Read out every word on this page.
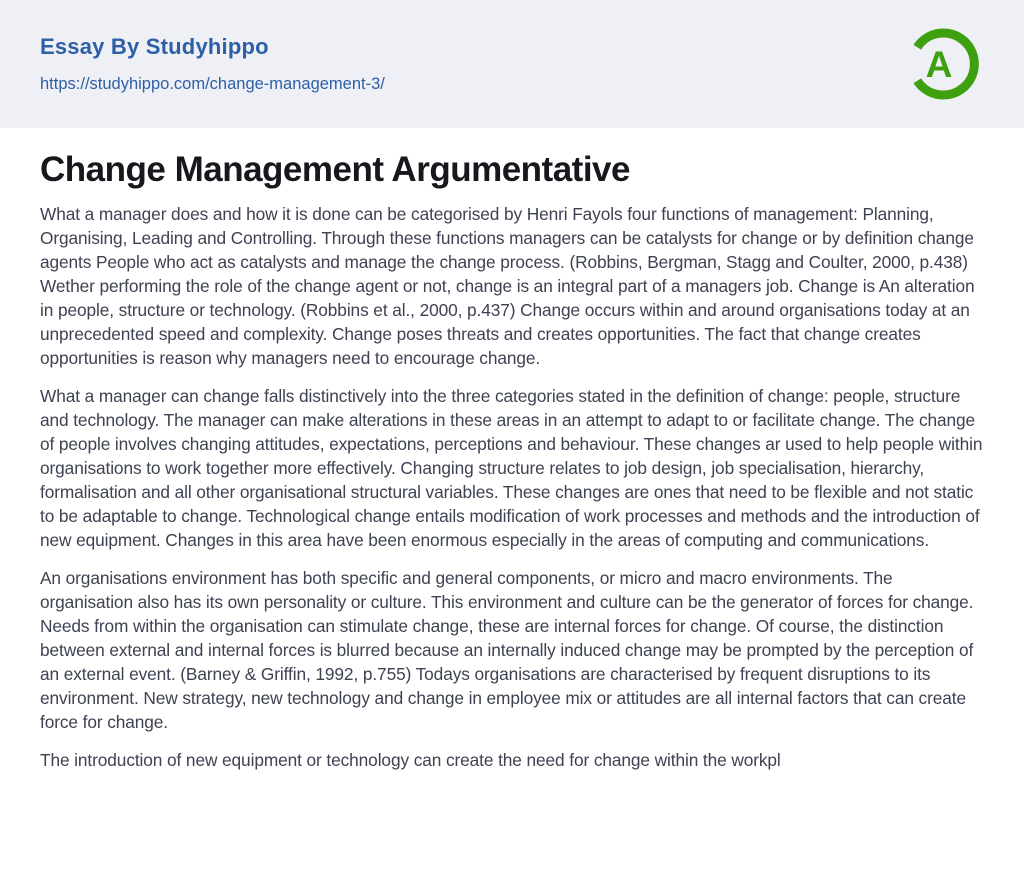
Essay By Studyhippo
https://studyhippo.com/change-management-3/	A
Change Management Argumentative

What a manager does and how it is done can be categorised by Henri Fayols four functions of management: Planning, Organising, Leading and Controlling. Through these functions managers can be catalysts for change or by definition change agents People who act as catalysts and manage the change process. (Robbins, Bergman, Stagg and Coulter, 2000, p.438) Wether performing the role of the change agent or not, change is an integral part of a managers job. Change is An alteration in people, structure or technology. (Robbins et al., 2000, p.437) Change occurs within and around organisations today at an unprecedented speed and complexity. Change poses threats and creates opportunities. The fact that change creates opportunities is reason why managers need to encourage change.

What a manager can change falls distinctively into the three categories stated in the definition of change: people, structure and technology. The manager can make alterations in these areas in an attempt to adapt to or facilitate change. The change of people involves changing attitudes, expectations, perceptions and behaviour. These changes ar used to help people within organisations to work together more effectively. Changing structure relates to job design, job specialisation, hierarchy, formalisation and all other organisational structural variables. These changes are ones that need to be flexible and not static to be adaptable to change. Technological change entails modification of work processes and methods and the introduction of new equipment. Changes in this area have been enormous especially in the areas of computing and communications.

An organisations environment has both specific and general components, or micro and macro environments. The organisation also has its own personality or culture. This environment and culture can be the generator of forces for change. Needs from within the organisation can stimulate change, these are internal forces for change. Of course, the distinction between external and internal forces is blurred because an internally induced change may be prompted by the perception of an external event. (Barney & Griffin, 1992, p.755) Todays organisations are characterised by frequent disruptions to its environment. New strategy, new technology and change in employee mix or attitudes are all internal factors that can create force for change.

The introduction of new equipment or technology can create the need for change within the workpl
